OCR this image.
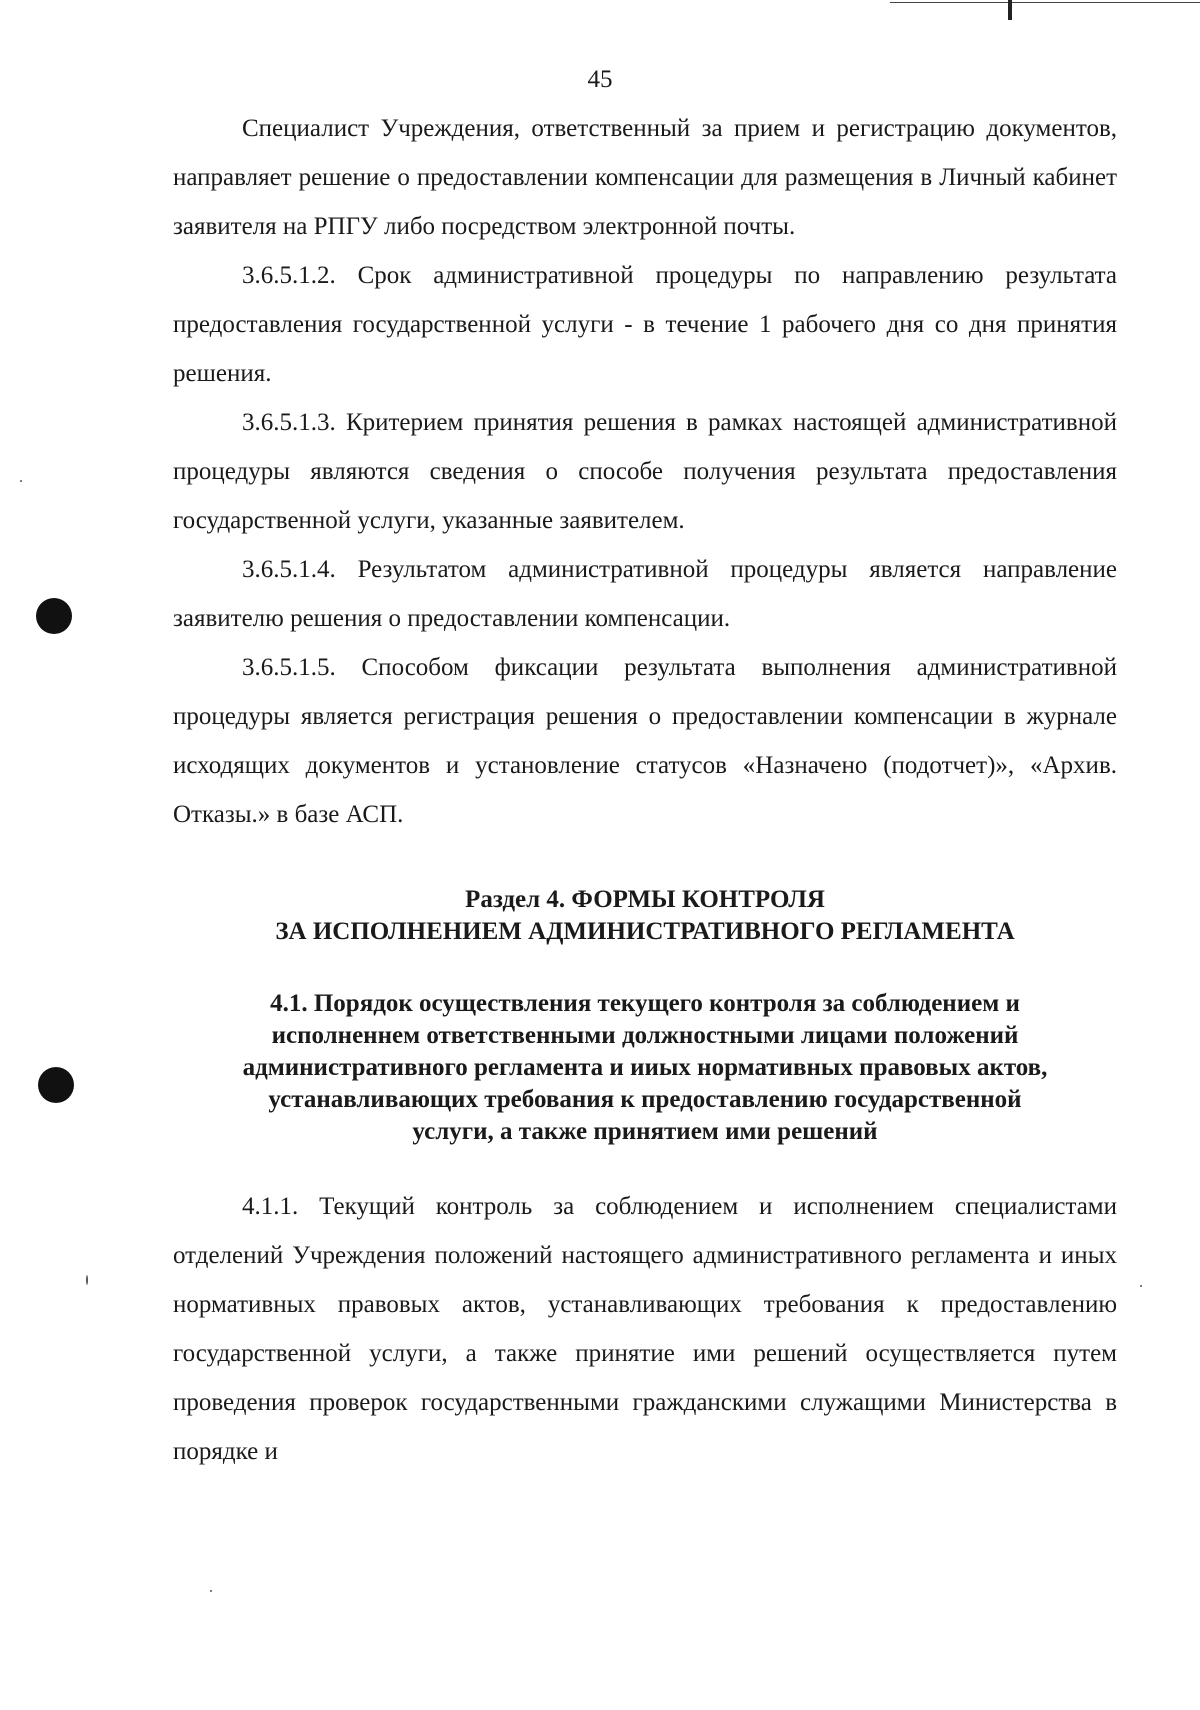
45

Специалист Учреждения, ответственный за прием и регистрацию документов, направляет решение о предоставлении компенсации для размещения в Личный кабинет заявителя на РПГУ либо посредством электронной почты.

3.6.5.1.2. Срок административной процедуры по направлению результата предоставления государственной услуги - в течение 1 рабочего дня со дня принятия решения.

3.6.5.1.3. Критерием принятия решения в рамках настоящей административной процедуры являются сведения о способе получения результата предоставления государственной услуги, указанные заявителем.

3.6.5.1.4. Результатом административной процедуры является направление заявителю решения о предоставлении компенсации.

3.6.5.1.5. Способом фиксации результата выполнения административной процедуры является регистрация решения о предоставлении компенсации в журнале исходящих документов и установление статусов «Назначено (подотчет)», «Архив. Отказы.» в базе АСП.

Раздел 4. ФОРМЫ КОНТРОЛЯ

ЗА ИСПОЛНЕНИЕМ АДМИНИСТРАТИВНОГО РЕГЛАМЕНТА

4.1. Порядок осуществления текущего контроля за соблюдением и

исполненнем ответственными должностными лицами положений

административного регламента и ииых нормативных правовых актов,

устанавливающих требования к предоставлению государственной

услуги, а также принятием ими решений

4.1.1. Текущий контроль за соблюдением и исполнением специалистами отделений Учреждения положений настоящего административного регламента и иных нормативных правовых актов, устанавливающих требования к предоставлению государственной услуги, а также принятие ими решений осуществляется путем проведения проверок государственными гражданскими служащими Министерства в порядке и
